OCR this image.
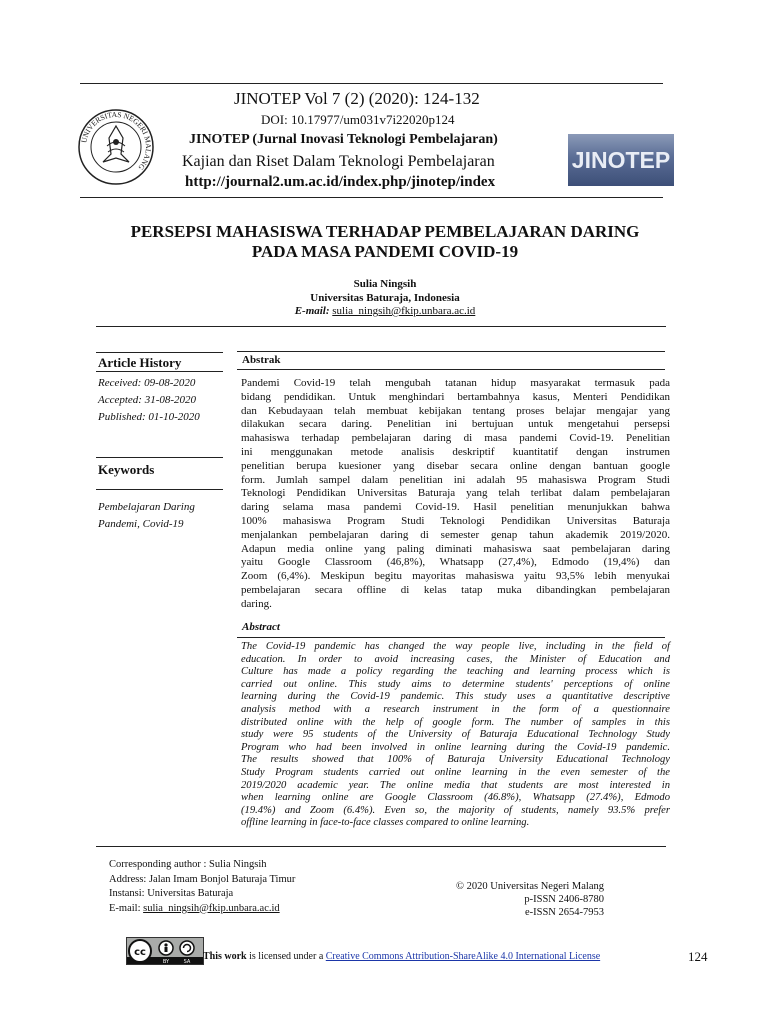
UNIVERSITAS NEGERI MALANG
JINOTEP Vol 7 (2) (2020): 124-132
DOI: 10.17977/um031v7i22020p124
JINOTEP (Jurnal Inovasi Teknologi Pembelajaran)
Kajian dan Riset Dalam Teknologi Pembelajaran
http://journal2.um.ac.id/index.php/jinotep/index
JINOTEP
PERSEPSI MAHASISWA TERHADAP PEMBELAJARAN DARING
PADA MASA PANDEMI COVID-19
Sulia Ningsih
Universitas Baturaja, Indonesia
E-mail: sulia_ningsih@fkip.unbara.ac.id
Article History
Received: 09-08-2020
Accepted: 31-08-2020
Published: 01-10-2020
Keywords
Pembelajaran Daring
Pandemi, Covid-19
Abstrak
Pandemi Covid-19 telah mengubah tatanan hidup masyarakat termasuk pada
bidang pendidikan. Untuk menghindari bertambahnya kasus, Menteri Pendidikan
dan Kebudayaan telah membuat kebijakan tentang proses belajar mengajar yang
dilakukan secara daring. Penelitian ini bertujuan untuk mengetahui persepsi
mahasiswa terhadap pembelajaran daring di masa pandemi Covid-19. Penelitian
ini menggunakan metode analisis deskriptif kuantitatif dengan instrumen
penelitian berupa kuesioner yang disebar secara online dengan bantuan google
form. Jumlah sampel dalam penelitian ini adalah 95 mahasiswa Program Studi
Teknologi Pendidikan Universitas Baturaja yang telah terlibat dalam pembelajaran
daring selama masa pandemi Covid-19. Hasil penelitian menunjukkan bahwa
100% mahasiswa Program Studi Teknologi Pendidikan Universitas Baturaja
menjalankan pembelajaran daring di semester genap tahun akademik 2019/2020.
Adapun media online yang paling diminati mahasiswa saat pembelajaran daring
yaitu Google Classroom (46,8%), Whatsapp (27,4%), Edmodo (19,4%) dan
Zoom (6,4%). Meskipun begitu mayoritas mahasiswa yaitu 93,5% lebih menyukai
pembelajaran secara offline di kelas tatap muka dibandingkan pembelajaran
daring.
Abstract
The Covid-19 pandemic has changed the way people live, including in the field of
education. In order to avoid increasing cases, the Minister of Education and
Culture has made a policy regarding the teaching and learning process which is
carried out online. This study aims to determine students' perceptions of online
learning during the Covid-19 pandemic. This study uses a quantitative descriptive
analysis method with a research instrument in the form of a questionnaire
distributed online with the help of google form. The number of samples in this
study were 95 students of the University of Baturaja Educational Technology Study
Program who had been involved in online learning during the Covid-19 pandemic.
The results showed that 100% of Baturaja University Educational Technology
Study Program students carried out online learning in the even semester of the
2019/2020 academic year. The online media that students are most interested in
when learning online are Google Classroom (46.8%), Whatsapp (27.4%), Edmodo
(19.4%) and Zoom (6.4%). Even so, the majority of students, namely 93.5% prefer
offline learning in face-to-face classes compared to online learning.
Corresponding author : Sulia Ningsih
Address: Jalan Imam Bonjol Baturaja Timur
Instansi: Universitas Baturaja
E-mail: sulia_ningsih@fkip.unbara.ac.id
© 2020 Universitas Negeri Malang
p-ISSN 2406-8780
e-ISSN 2654-7953
cc
BY	SA This work is licensed under a Creative Commons Attribution-ShareAlike 4.0 International License	124
